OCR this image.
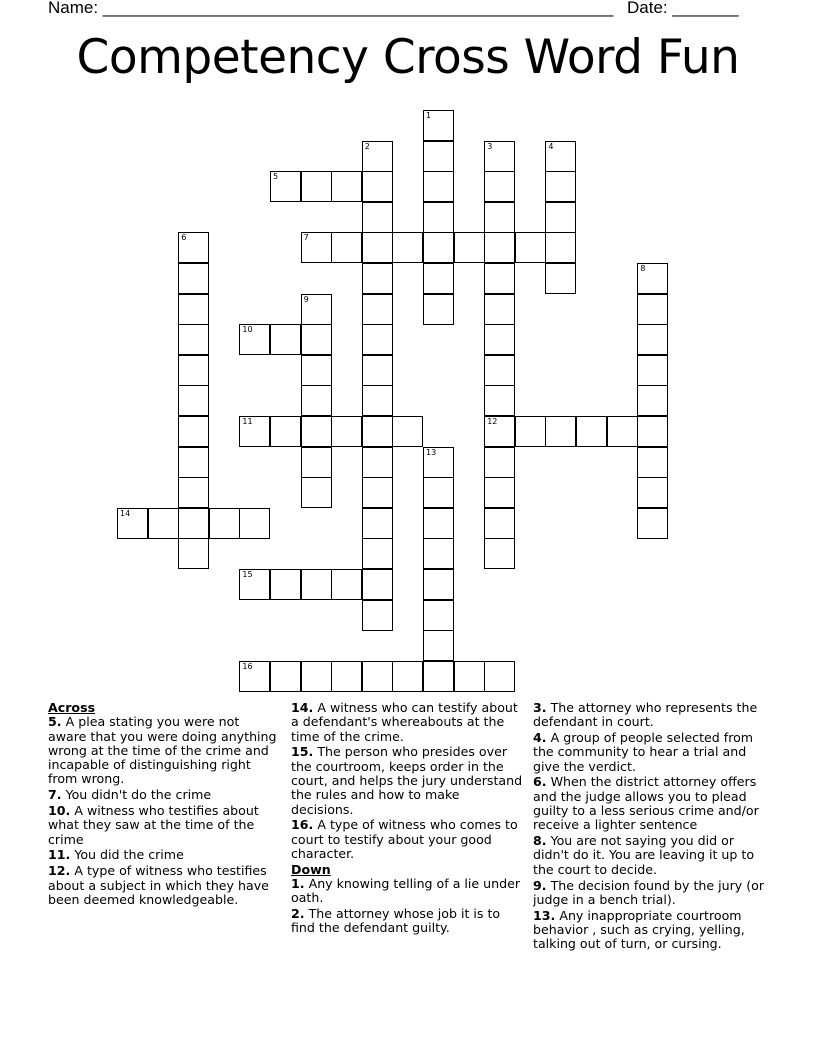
Name: ______________________________________________________ Date: _______
Competency Cross Word Fun
1
2	3
12
4
5
6	7
8
9
10
11
13
14
15
16

Across

5. A plea stating you were not aware that you were doing anything wrong at the time of the crime and incapable of distinguishing right from wrong.

7. You didn't do the crime

10. A witness who testifies about what they saw at the time of the crime

11. You did the crime

12. A type of witness who testifies about a subject in which they have been deemed knowledgeable.

14. A witness who can testify about a defendant's whereabouts at the time of the crime.

15. The person who presides over the courtroom, keeps order in the court, and helps the jury understand the rules and how to make decisions.

16. A type of witness who comes to court to testify about your good character.

Down

1. Any knowing telling of a lie under oath.

2. The attorney whose job it is to find the defendant guilty.

3. The attorney who represents the defendant in court.

4. A group of people selected from the community to hear a trial and give the verdict.

6. When the district attorney offers and the judge allows you to plead guilty to a less serious crime and/or receive a lighter sentence

8. You are not saying you did or didn't do it. You are leaving it up to the court to decide.

9. The decision found by the jury (or judge in a bench trial).

13. Any inappropriate courtroom behavior , such as crying, yelling, talking out of turn, or cursing.
